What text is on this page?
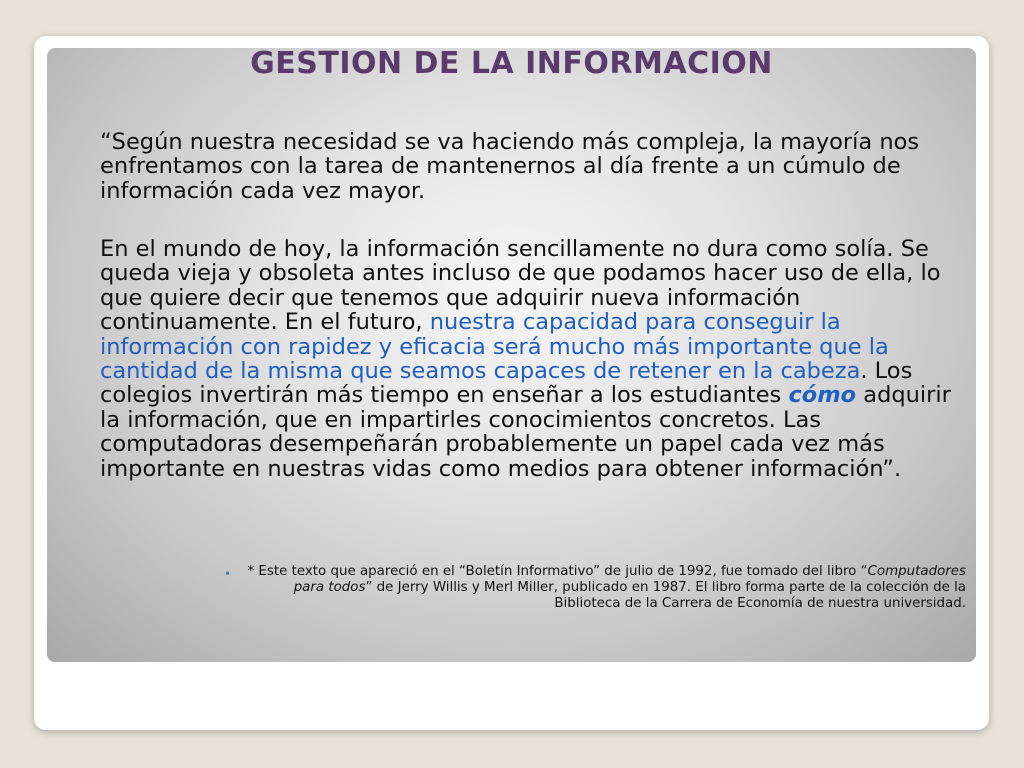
GESTION DE LA INFORMACION

“Según nuestra necesidad se va haciendo más compleja, la mayoría nos enfrentamos con la tarea de mantenernos al día frente a un cúmulo de información cada vez mayor.

En el mundo de hoy, la información sencillamente no dura como solía. Se queda vieja y obsoleta antes incluso de que podamos hacer uso de ella, lo que quiere decir que tenemos que adquirir nueva información continuamente. En el futuro, nuestra capacidad para conseguir la información con rapidez y eficacia será mucho más importante que la cantidad de la misma que seamos capaces de retener en la cabeza. Los colegios invertirán más tiempo en enseñar a los estudiantes cómo adquirir la información, que en impartirles conocimientos concretos. Las computadoras desempeñarán probablemente un papel cada vez más importante en nuestras vidas como medios para obtener información”.

•	* Este texto que apareció en el “Boletín Informativo” de julio de 1992, fue tomado del libro “Computadores para todos” de Jerry Willis y Merl Miller, publicado en 1987. El libro forma parte de la colección de la Biblioteca de la Carrera de Economía de nuestra universidad.
